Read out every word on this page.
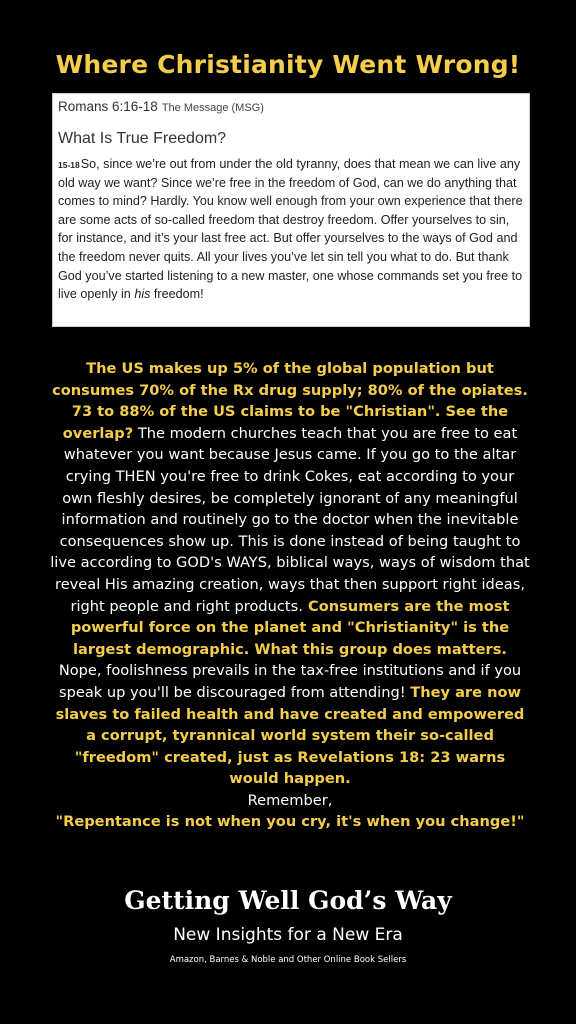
Where Christianity Went Wrong!
Romans 6:16-18 The Message (MSG)
What Is True Freedom?
$^{15-18}$So, since we’re out from under the old tyranny, does that mean we can live any old way we want? Since we’re free in the freedom of God, can we do anything that comes to mind? Hardly. You know well enough from your own experience that there are some acts of so-called freedom that destroy freedom. Offer yourselves to sin, for instance, and it’s your last free act. But offer yourselves to the ways of God and the freedom never quits. All your lives you’ve let sin tell you what to do. But thank God you’ve started listening to a new master, one whose commands set you free to live openly in his freedom!
The US makes up 5% of the global population but consumes 70% of the Rx drug supply; 80% of the opiates. 73 to 88% of the US claims to be "Christian". See the overlap? The modern churches teach that you are free to eat whatever you want because Jesus came. If you go to the altar crying THEN you're free to drink Cokes, eat according to your own fleshly desires, be completely ignorant of any meaningful information and routinely go to the doctor when the inevitable consequences show up. This is done instead of being taught to live according to GOD's WAYS, biblical ways, ways of wisdom that reveal His amazing creation, ways that then support right ideas, right people and right products. Consumers are the most powerful force on the planet and "Christianity" is the largest demographic. What this group does matters. Nope, foolishness prevails in the tax-free institutions and if you speak up you'll be discouraged from attending! They are now slaves to failed health and have created and empowered a corrupt, tyrannical world system their so-called "freedom" created, just as Revelations 18: 23 warns would happen.
Remember,
"Repentance is not when you cry, it's when you change!"
Getting Well God’s Way
New Insights for a New Era
Amazon, Barnes & Noble and Other Online Book Sellers
